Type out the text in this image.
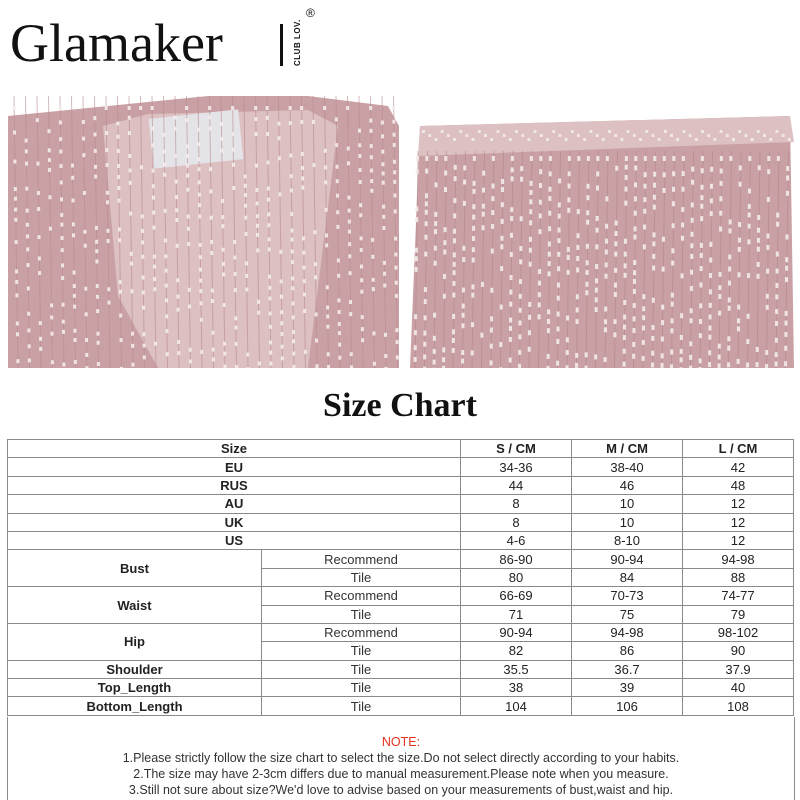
Glamaker	CLUB LOV.
®
Size Chart
Size		S / CM	M / CM	L / CM
EU		34-36	38-40	42
RUS		44	46	48
AU		8	10	12
UK		8	10	12
US		4-6	8-10	12
Bust	Recommend	86-90	90-94	94-98
	Tile	80	84	88
Waist	Recommend	66-69	70-73	74-77
	Tile	71	75	79
Hip	Recommend	90-94	94-98	98-102
	Tile	82	86	90
Shoulder	Tile	35.5	36.7	37.9
Top_Length	Tile	38	39	40
Bottom_Length	Tile	104	106	108
NOTE:
1.Please strictly follow the size chart to select the size.Do not select directly according to your habits.
2.The size may have 2-3cm differs due to manual measurement.Please note when you measure.
3.Still not sure about size?We'd love to advise based on your measurements of bust,waist and hip.
